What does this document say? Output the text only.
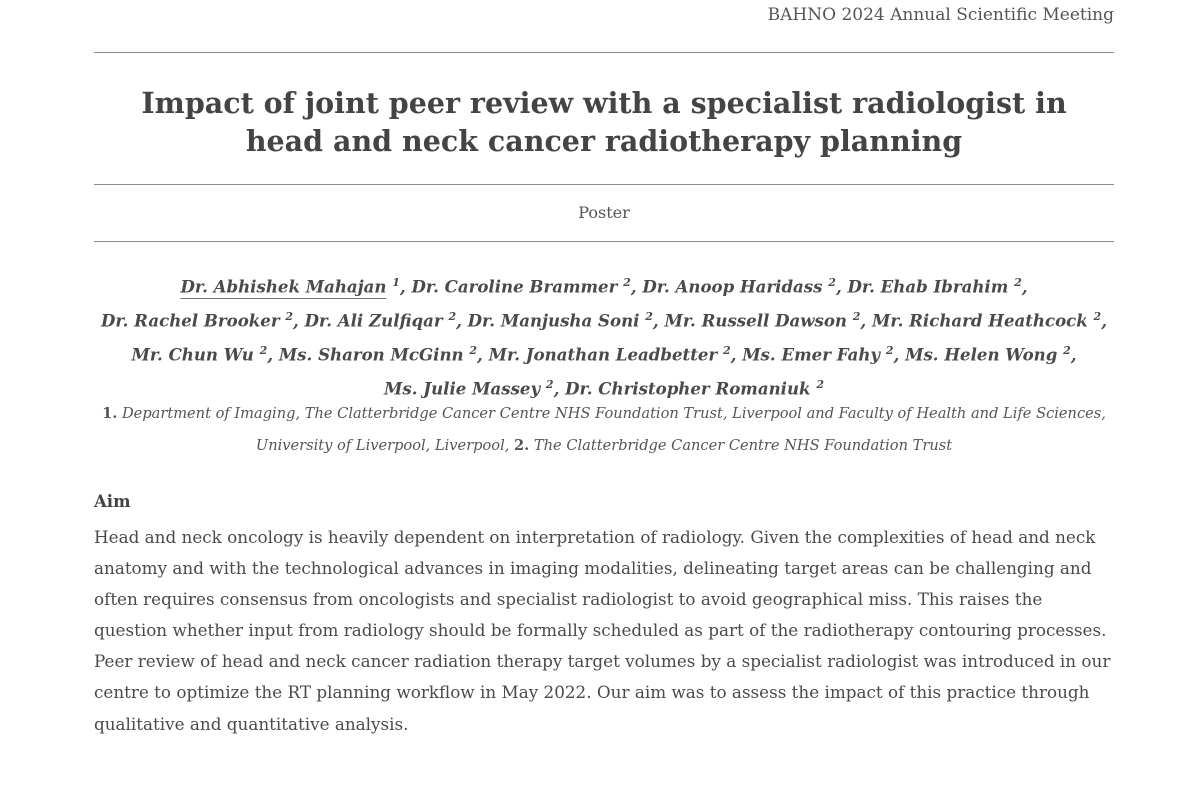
BAHNO 2024 Annual Scientific Meeting
Impact of joint peer review with a specialist radiologist in
head and neck cancer radiotherapy planning
Poster
Dr. Abhishek Mahajan $^1$, Dr. Caroline Brammer $^2$, Dr. Anoop Haridass $^2$, Dr. Ehab Ibrahim $^2$, Dr. Rachel Brooker $^2$, Dr. Ali Zulfiqar $^2$, Dr. Manjusha Soni $^2$, Mr. Russell Dawson $^2$, Mr. Richard Heathcock $^2$, Mr. Chun Wu $^2$, Ms. Sharon McGinn $^2$, Mr. Jonathan Leadbetter $^2$, Ms. Emer Fahy $^2$, Ms. Helen Wong $^2$, Ms. Julie Massey $^2$, Dr. Christopher Romaniuk $^2$
1. Department of Imaging, The Clatterbridge Cancer Centre NHS Foundation Trust, Liverpool and Faculty of Health and Life Sciences, University of Liverpool, Liverpool, 2. The Clatterbridge Cancer Centre NHS Foundation Trust
Aim

Head and neck oncology is heavily dependent on interpretation of radiology. Given the complexities of head and neck anatomy and with the technological advances in imaging modalities, delineating target areas can be challenging and often requires consensus from oncologists and specialist radiologist to avoid geographical miss. This raises the question whether input from radiology should be formally scheduled as part of the radiotherapy contouring processes.

Peer review of head and neck cancer radiation therapy target volumes by a specialist radiologist was introduced in our centre to optimize the RT planning workflow in May 2022. Our aim was to assess the impact of this practice through qualitative and quantitative analysis.
